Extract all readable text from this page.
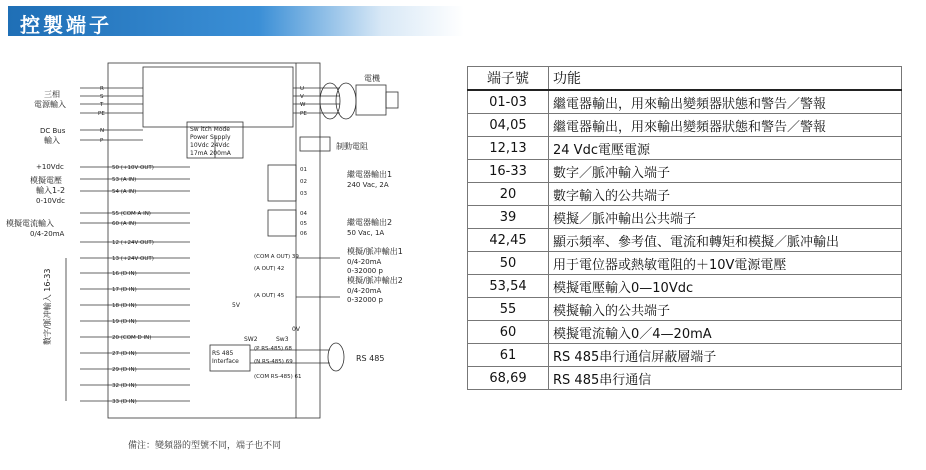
控製端子
電機
三相
電源輸入
DC Bus
輸入
+10Vdc
模擬電壓
輸入1-2
0-10Vdc
模擬電流輸入
0/4-20mA
數字/脈冲輸入 16-33
制動電阻
繼電器輸出1
240 Vac, 2A
繼電器輸出2
50 Vac, 1A
模擬/脈冲輸出1
0/4-20mA
0-32000 p
模擬/脈冲輸出2
0/4-20mA
0-32000 p
RS 485
Sw itch Mode
Power Supply
10Vdc 24Vdc
17mA 200mA
RS 485
Interface
5V
0V
SW2	Sw3
50 (+10V OUT)
53 (A IN)
54 (A IN)
55 (COM A IN)
60 (A IN)
12 (+24V OUT)
13 (+24V OUT)
16 (D IN)
17 (D IN)
18 (D IN)
19 (D IN)
20 (COM D IN)
27 (D IN)
29 (D IN)
32 (D IN)
33 (D IN)
(P RS-485) 68
(N RS-485) 69
(COM RS-485) 61
(COM A OUT) 39
(A OUT) 42
(A OUT) 45
R
S
T
PE
N
P
U
V
W
PE
01
02
03
04
05
06
備注：變頻器的型號不同，端子也不同
端子號	功能
01-03	繼電器輸出，用來輸出變頻器狀態和警告／警報
04,05	繼電器輸出，用來輸出變頻器狀態和警告／警報
12,13	24 Vdc電壓電源
16-33	數字／脈冲輸入端子
20	數字輸入的公共端子
39	模擬／脈冲輸出公共端子
42,45	顯示頻率、參考值、電流和轉矩和模擬／脈冲輸出
50	用于電位器或熱敏電阻的＋10V電源電壓
53,54	模擬電壓輸入0—10Vdc
55	模擬輸入的公共端子
60	模擬電流輸入0／4—20mA
61	RS 485串行通信屏蔽層端子
68,69	RS 485串行通信
